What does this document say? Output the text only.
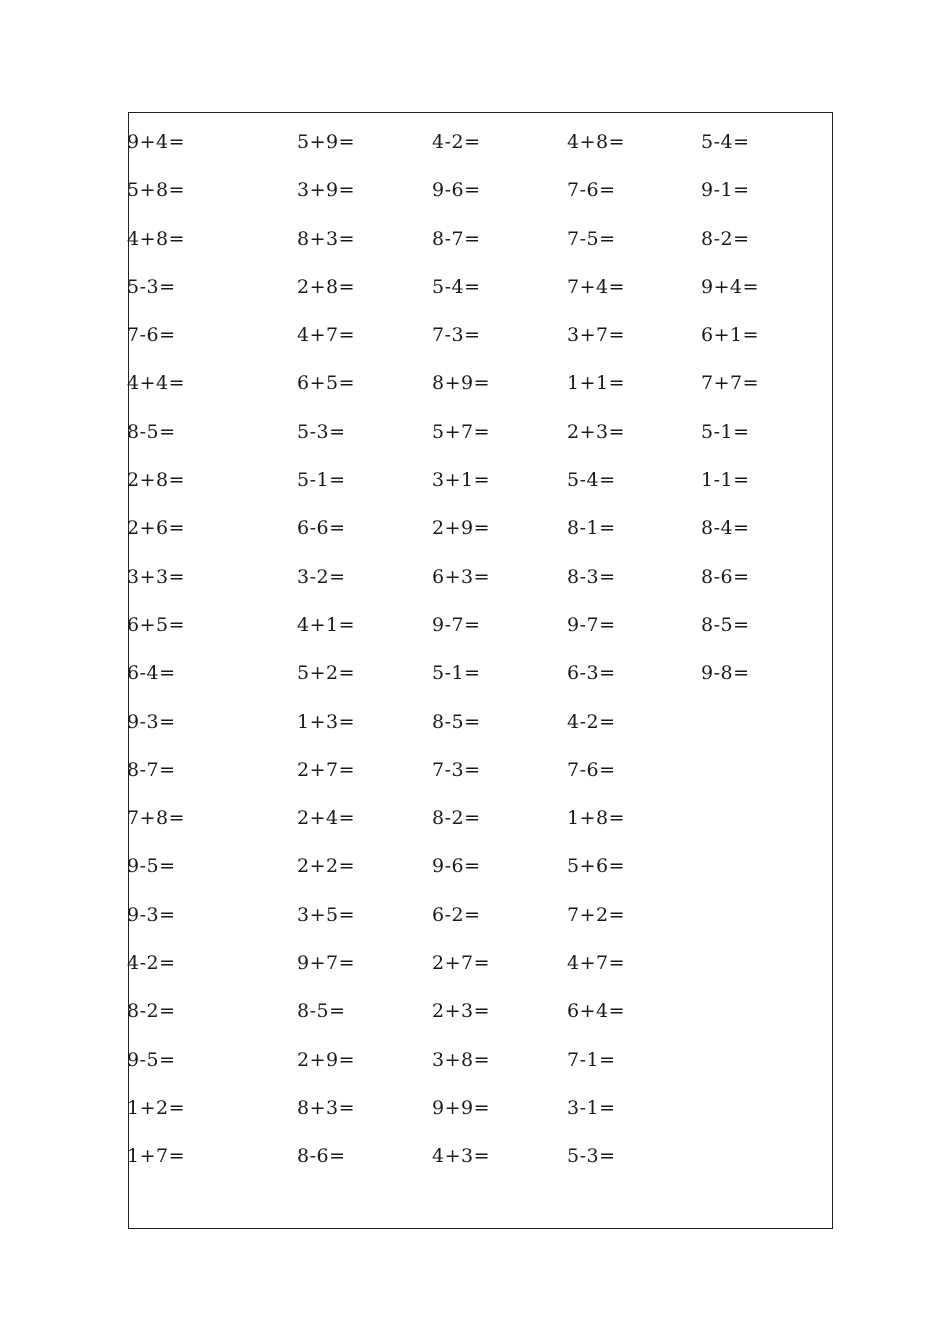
9+4=
5+8=
4+8=
5-3=
7-6=
4+4=
8-5=
2+8=
2+6=
3+3=
6+5=
6-4=
9-3=
8-7=
7+8=
9-5=
9-3=
4-2=
8-2=
9-5=
1+2=
1+7=
5+9=
3+9=
8+3=
2+8=
4+7=
6+5=
5-3=
5-1=
6-6=
3-2=
4+1=
5+2=
1+3=
2+7=
2+4=
2+2=
3+5=
9+7=
8-5=
2+9=
8+3=
8-6=
4-2=
9-6=
8-7=
5-4=
7-3=
8+9=
5+7=
3+1=
2+9=
6+3=
9-7=
5-1=
8-5=
7-3=
8-2=
9-6=
6-2=
2+7=
2+3=
3+8=
9+9=
4+3=
4+8=
7-6=
7-5=
7+4=
3+7=
1+1=
2+3=
5-4=
8-1=
8-3=
9-7=
6-3=
4-2=
7-6=
1+8=
5+6=
7+2=
4+7=
6+4=
7-1=
3-1=
5-3=
5-4=
9-1=
8-2=
9+4=
6+1=
7+7=
5-1=
1-1=
8-4=
8-6=
8-5=
9-8=
